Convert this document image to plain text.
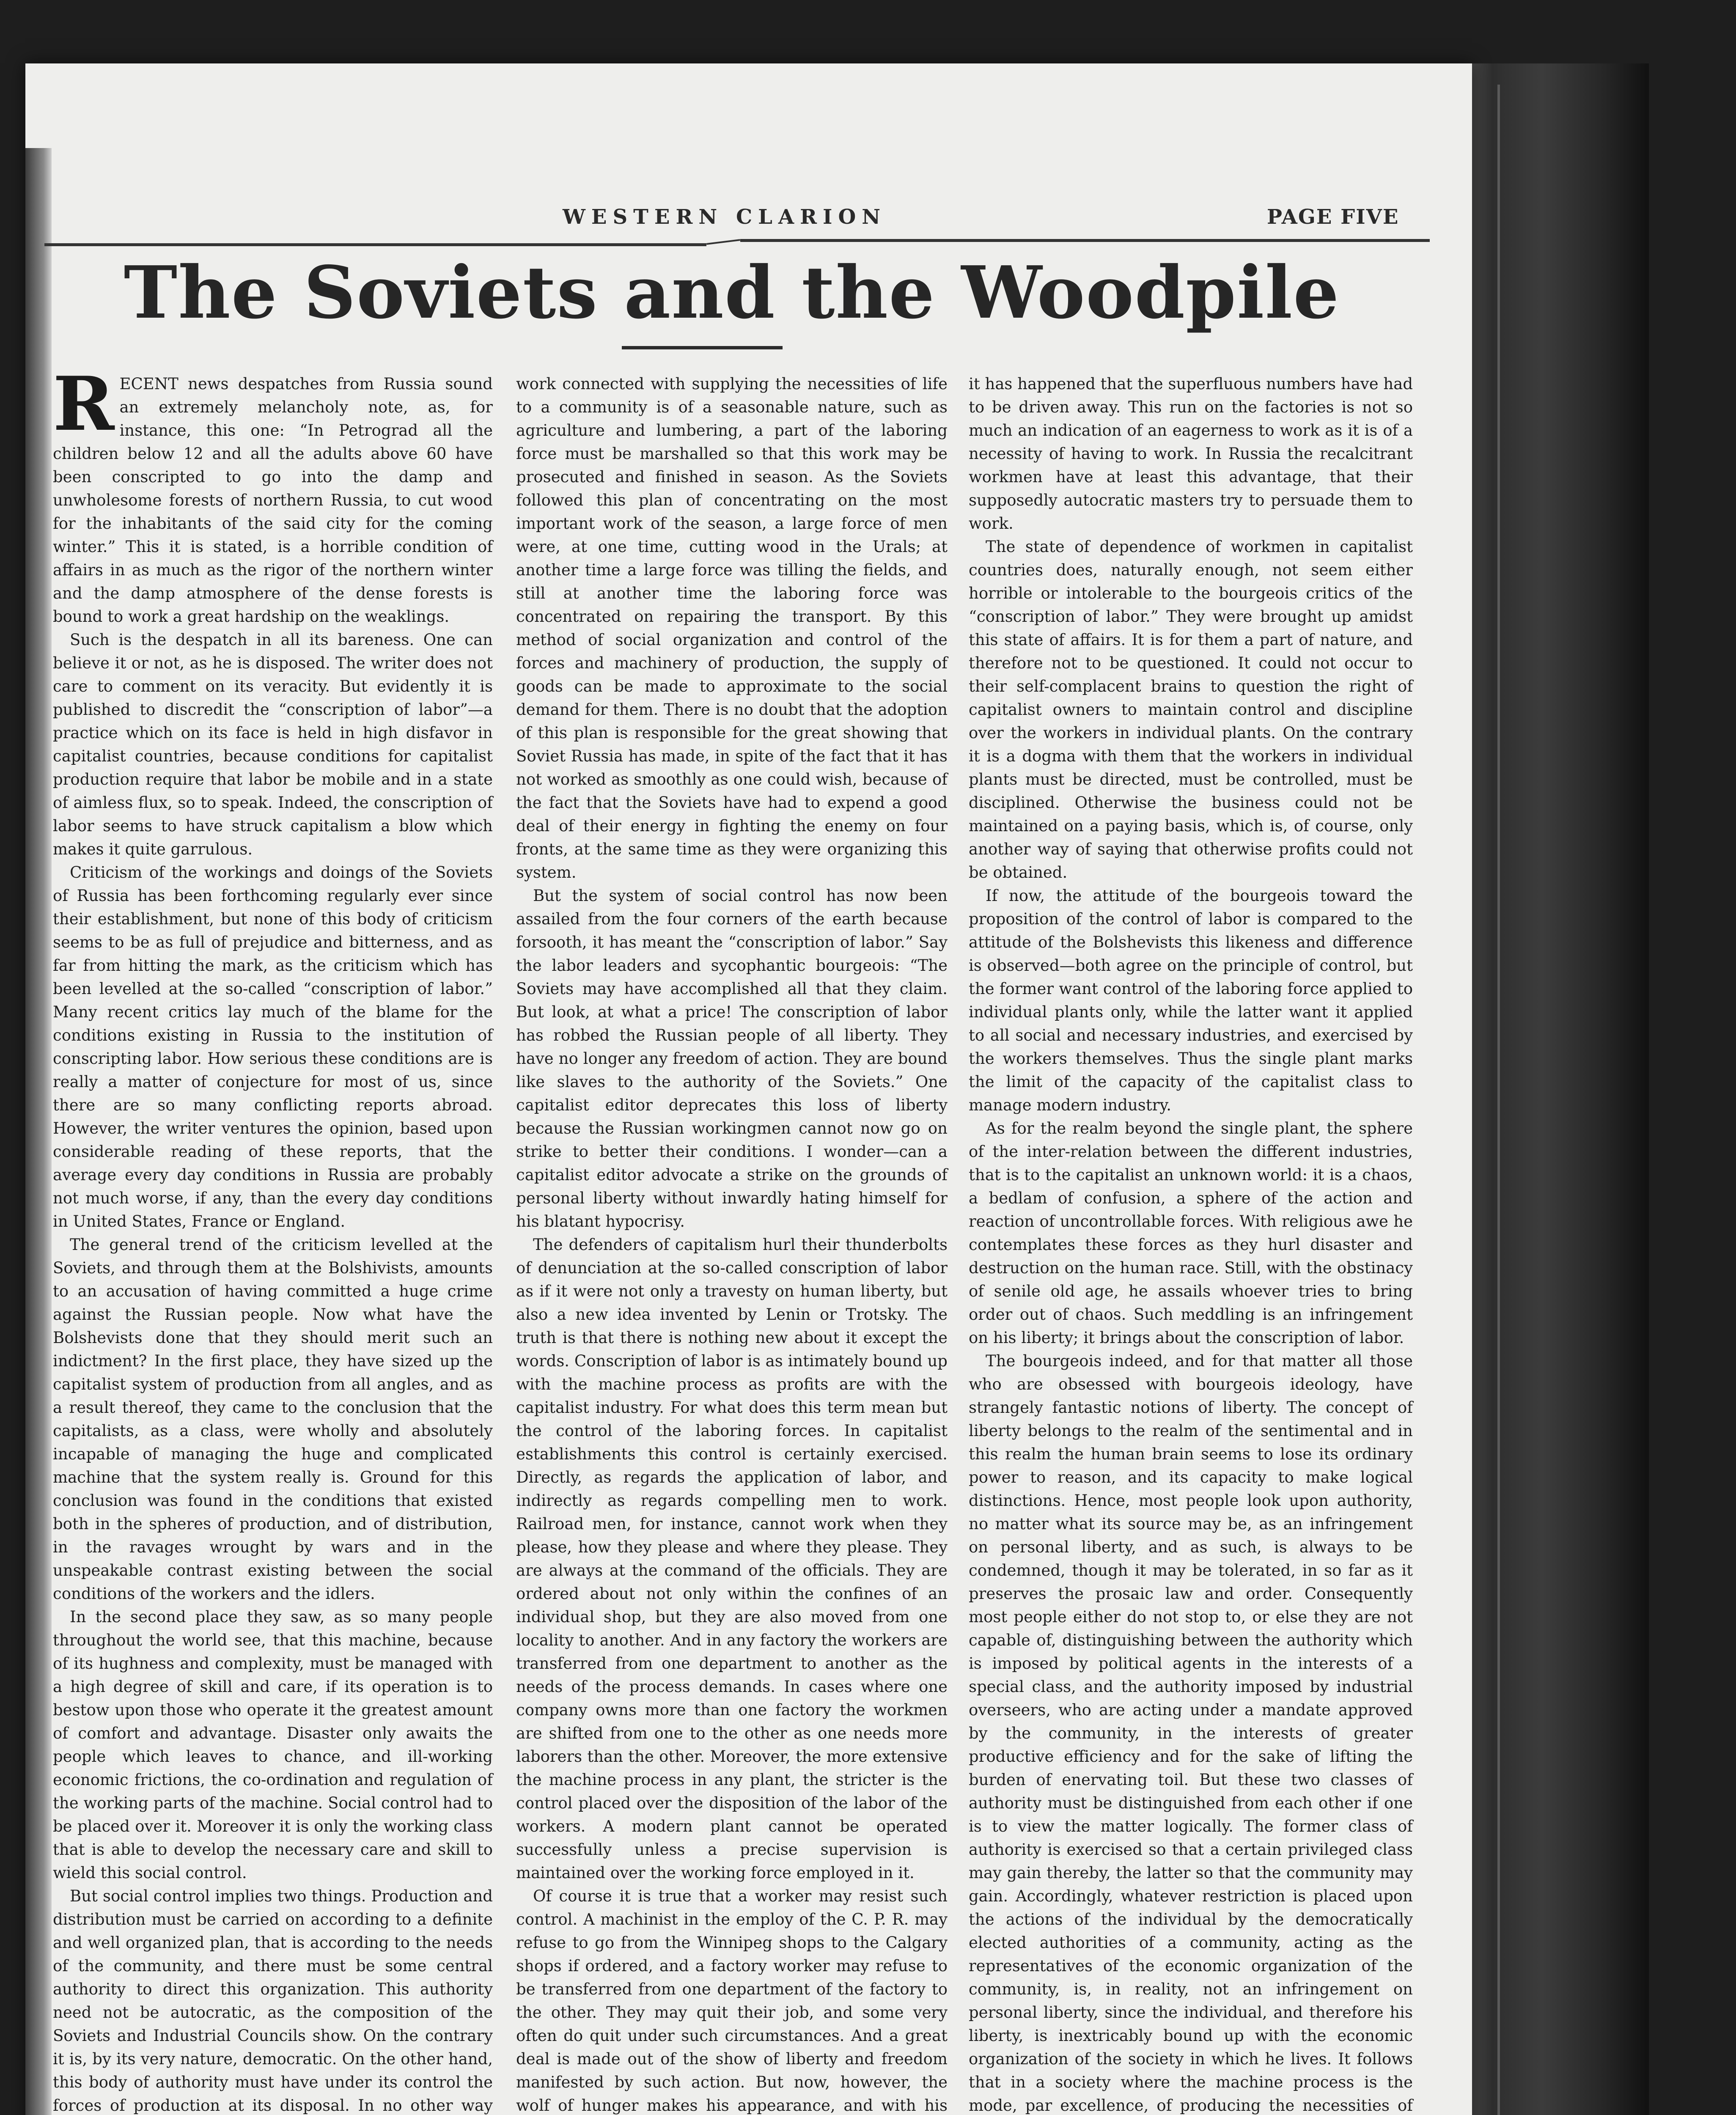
WESTERN CLARION	PAGE FIVE
The Soviets and the Woodpile

RECENT news despatches from Russia sound an extremely melancholy note, as, for instance, this one: “In Petrograd all the children below 12 and all the adults above 60 have been conscripted to go into the damp and unwholesome forests of northern Russia, to cut wood for the inhabitants of the said city for the coming winter.” This it is stated, is a horrible condition of affairs in as much as the rigor of the northern winter and the damp atmosphere of the dense forests is bound to work a great hardship on the weaklings.

Such is the despatch in all its bareness. One can believe it or not, as he is disposed. The writer does not care to comment on its veracity. But evidently it is published to discredit the “conscription of labor”—a practice which on its face is held in high disfavor in capitalist countries, because conditions for capitalist production require that labor be mobile and in a state of aimless flux, so to speak. Indeed, the conscription of labor seems to have struck capitalism a blow which makes it quite garrulous.

Criticism of the workings and doings of the Soviets of Russia has been forthcoming regularly ever since their establishment, but none of this body of criticism seems to be as full of prejudice and bitterness, and as far from hitting the mark, as the criticism which has been levelled at the so-called “conscription of labor.” Many recent critics lay much of the blame for the conditions existing in Russia to the institution of conscripting labor. How serious these conditions are is really a matter of conjecture for most of us, since there are so many conflicting reports abroad. However, the writer ventures the opinion, based upon considerable reading of these reports, that the average every day conditions in Russia are probably not much worse, if any, than the every day conditions in United States, France or England.

The general trend of the criticism levelled at the Soviets, and through them at the Bolshivists, amounts to an accusation of having committed a huge crime against the Russian people. Now what have the Bolshevists done that they should merit such an indictment? In the first place, they have sized up the capitalist system of production from all angles, and as a result thereof, they came to the conclusion that the capitalists, as a class, were wholly and absolutely incapable of managing the huge and complicated machine that the system really is. Ground for this conclusion was found in the conditions that existed both in the spheres of production, and of distribution, in the ravages wrought by wars and in the unspeakable contrast existing between the social conditions of the workers and the idlers.

In the second place they saw, as so many people throughout the world see, that this machine, because of its hughness and complexity, must be managed with a high degree of skill and care, if its operation is to bestow upon those who operate it the greatest amount of comfort and advantage. Disaster only awaits the people which leaves to chance, and ill-working economic frictions, the co-ordination and regulation of the working parts of the machine. Social control had to be placed over it. Moreover it is only the working class that is able to develop the necessary care and skill to wield this social control.

But social control implies two things. Production and distribution must be carried on according to a definite and well organized plan, that is according to the needs of the community, and there must be some central authority to direct this organization. This authority need not be autocratic, as the composition of the Soviets and Industrial Councils show. On the contrary it is, by its very nature, democratic. On the other hand, this body of authority must have under its control the forces of production at its disposal. In no other way

work connected with supplying the necessities of life to a community is of a seasonable nature, such as agriculture and lumbering, a part of the laboring force must be marshalled so that this work may be prosecuted and finished in season. As the Soviets followed this plan of concentrating on the most important work of the season, a large force of men were, at one time, cutting wood in the Urals; at another time a large force was tilling the fields, and still at another time the laboring force was concentrated on repairing the transport. By this method of social organization and control of the forces and machinery of production, the supply of goods can be made to approximate to the social demand for them. There is no doubt that the adoption of this plan is responsible for the great showing that Soviet Russia has made, in spite of the fact that it has not worked as smoothly as one could wish, because of the fact that the Soviets have had to expend a good deal of their energy in fighting the enemy on four fronts, at the same time as they were organizing this system.

But the system of social control has now been assailed from the four corners of the earth because forsooth, it has meant the “conscription of labor.” Say the labor leaders and sycophantic bourgeois: “The Soviets may have accomplished all that they claim. But look, at what a price! The conscription of labor has robbed the Russian people of all liberty. They have no longer any freedom of action. They are bound like slaves to the authority of the Soviets.” One capitalist editor deprecates this loss of liberty because the Russian workingmen cannot now go on strike to better their conditions. I wonder—can a capitalist editor advocate a strike on the grounds of personal liberty without inwardly hating himself for his blatant hypocrisy.

The defenders of capitalism hurl their thunderbolts of denunciation at the so-called conscription of labor as if it were not only a travesty on human liberty, but also a new idea invented by Lenin or Trotsky. The truth is that there is nothing new about it except the words. Conscription of labor is as intimately bound up with the machine process as profits are with the capitalist industry. For what does this term mean but the control of the laboring forces. In capitalist establishments this control is certainly exercised. Directly, as regards the application of labor, and indirectly as regards compelling men to work. Railroad men, for instance, cannot work when they please, how they please and where they please. They are always at the command of the officials. They are ordered about not only within the confines of an individual shop, but they are also moved from one locality to another. And in any factory the workers are transferred from one department to another as the needs of the process demands. In cases where one company owns more than one factory the workmen are shifted from one to the other as one needs more laborers than the other. Moreover, the more extensive the machine process in any plant, the stricter is the control placed over the disposition of the labor of the workers. A modern plant cannot be operated successfully unless a precise supervision is maintained over the working force employed in it.

Of course it is true that a worker may resist such control. A machinist in the employ of the C. P. R. may refuse to go from the Winnipeg shops to the Calgary shops if ordered, and a factory worker may refuse to be transferred from one department of the factory to the other. They may quit their job, and some very often do quit under such circumstances. And a great deal is made out of the show of liberty and freedom manifested by such action. But now, however, the wolf of hunger makes his appearance, and with his

it has happened that the superfluous numbers have had to be driven away. This run on the factories is not so much an indication of an eagerness to work as it is of a necessity of having to work. In Russia the recalcitrant workmen have at least this advantage, that their supposedly autocratic masters try to persuade them to work.

The state of dependence of workmen in capitalist countries does, naturally enough, not seem either horrible or intolerable to the bourgeois critics of the “conscription of labor.” They were brought up amidst this state of affairs. It is for them a part of nature, and therefore not to be questioned. It could not occur to their self-complacent brains to question the right of capitalist owners to maintain control and discipline over the workers in individual plants. On the contrary it is a dogma with them that the workers in individual plants must be directed, must be controlled, must be disciplined. Otherwise the business could not be maintained on a paying basis, which is, of course, only another way of saying that otherwise profits could not be obtained.

If now, the attitude of the bourgeois toward the proposition of the control of labor is compared to the attitude of the Bolshevists this likeness and difference is observed—both agree on the principle of control, but the former want control of the laboring force applied to individual plants only, while the latter want it applied to all social and necessary industries, and exercised by the workers themselves. Thus the single plant marks the limit of the capacity of the capitalist class to manage modern industry.

As for the realm beyond the single plant, the sphere of the inter-relation between the different industries, that is to the capitalist an unknown world: it is a chaos, a bedlam of confusion, a sphere of the action and reaction of uncontrollable forces. With religious awe he contemplates these forces as they hurl disaster and destruction on the human race. Still, with the obstinacy of senile old age, he assails whoever tries to bring order out of chaos. Such meddling is an infringement on his liberty; it brings about the conscription of labor.

The bourgeois indeed, and for that matter all those who are obsessed with bourgeois ideology, have strangely fantastic notions of liberty. The concept of liberty belongs to the realm of the sentimental and in this realm the human brain seems to lose its ordinary power to reason, and its capacity to make logical distinctions. Hence, most people look upon authority, no matter what its source may be, as an infringement on personal liberty, and as such, is always to be condemned, though it may be tolerated, in so far as it preserves the prosaic law and order. Consequently most people either do not stop to, or else they are not capable of, distinguishing between the authority which is imposed by political agents in the interests of a special class, and the authority imposed by industrial overseers, who are acting under a mandate approved by the community, in the interests of greater productive efficiency and for the sake of lifting the burden of enervating toil. But these two classes of authority must be distinguished from each other if one is to view the matter logically. The former class of authority is exercised so that a certain privileged class may gain thereby, the latter so that the community may gain. Accordingly, whatever restriction is placed upon the actions of the individual by the democratically elected authorities of a community, acting as the representatives of the economic organization of the community, is, in reality, not an infringement on personal liberty, since the individual, and therefore his liberty, is inextricably bound up with the economic organization of the society in which he lives. It follows that in a society where the machine process is the mode, par excellence, of producing the necessities of
